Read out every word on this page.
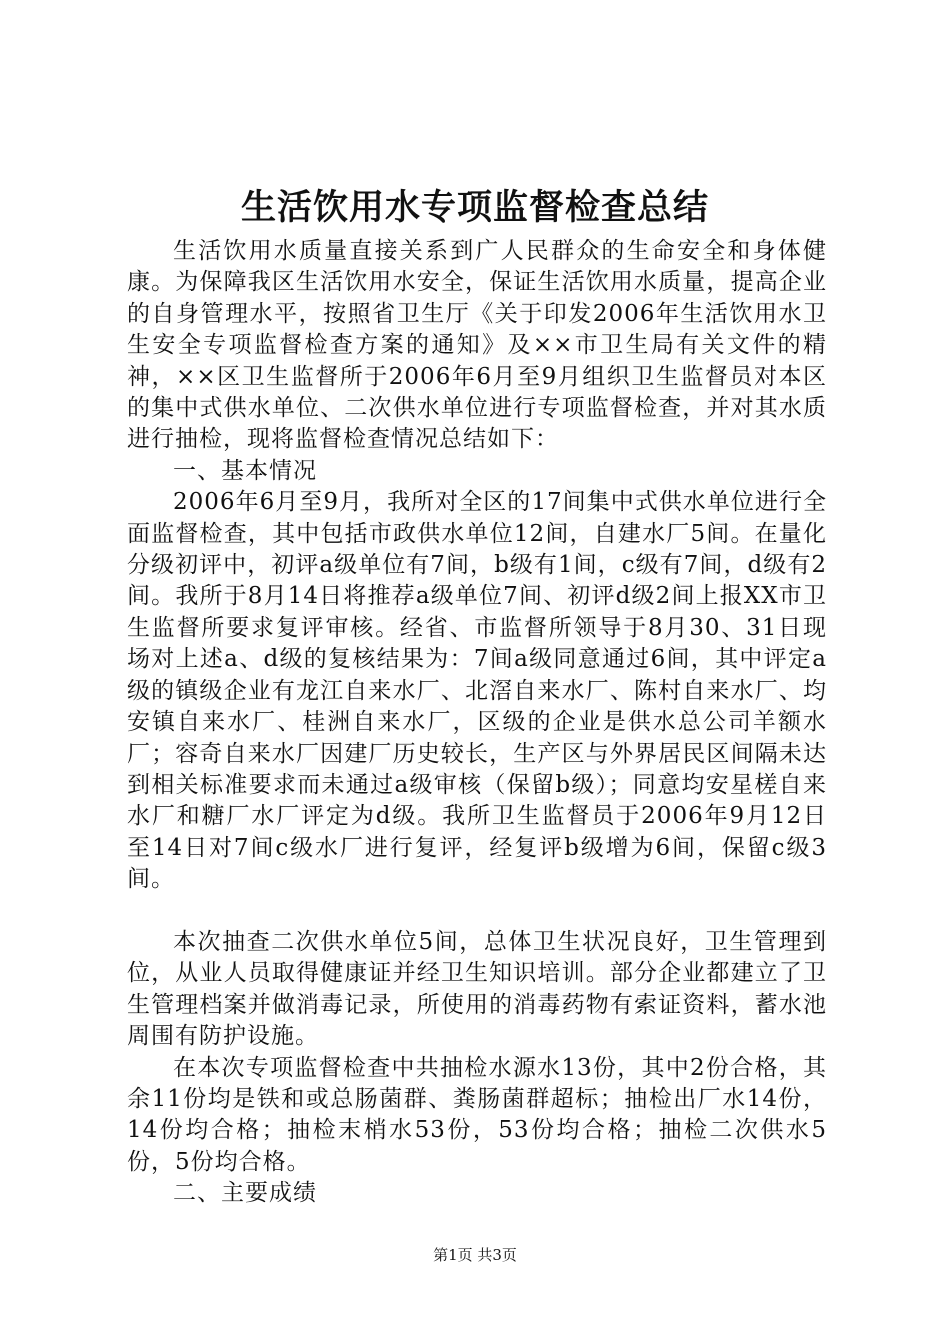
生活饮用水专项监督检查总结

生活饮用水质量直接关系到广人民群众的生命安全和身体健康。为保障我区生活饮用水安全，保证生活饮用水质量，提高企业的自身管理水平，按照省卫生厅《关于印发2006年生活饮用水卫生安全专项监督检查方案的通知》及××市卫生局有关文件的精神，××区卫生监督所于2006年6月至9月组织卫生监督员对本区的集中式供水单位、二次供水单位进行专项监督检查，并对其水质进行抽检，现将监督检查情况总结如下：

一、基本情况

2006年6月至9月，我所对全区的17间集中式供水单位进行全面监督检查，其中包括市政供水单位12间，自建水厂5间。在量化分级初评中，初评a级单位有7间，b级有1间，c级有7间，d级有2间。我所于8月14日将推荐a级单位7间、初评d级2间上报XX市卫生监督所要求复评审核。经省、市监督所领导于8月30、31日现场对上述a、d级的复核结果为：7间a级同意通过6间，其中评定a级的镇级企业有龙江自来水厂、北滘自来水厂、陈村自来水厂、均安镇自来水厂、桂洲自来水厂，区级的企业是供水总公司羊额水厂；容奇自来水厂因建厂历史较长，生产区与外界居民区间隔未达到相关标准要求而未通过a级审核（保留b级）；同意均安星槎自来水厂和糖厂水厂评定为d级。我所卫生监督员于2006年9月12日至14日对7间c级水厂进行复评，经复评b级增为6间，保留c级3间。

本次抽查二次供水单位5间，总体卫生状况良好，卫生管理到位，从业人员取得健康证并经卫生知识培训。部分企业都建立了卫生管理档案并做消毒记录，所使用的消毒药物有索证资料，蓄水池周围有防护设施。

在本次专项监督检查中共抽检水源水13份，其中2份合格，其余11份均是铁和或总肠菌群、粪肠菌群超标；抽检出厂水14份，14份均合格；抽检末梢水53份，53份均合格；抽检二次供水5份，5份均合格。

二、主要成绩

第1页 共3页
